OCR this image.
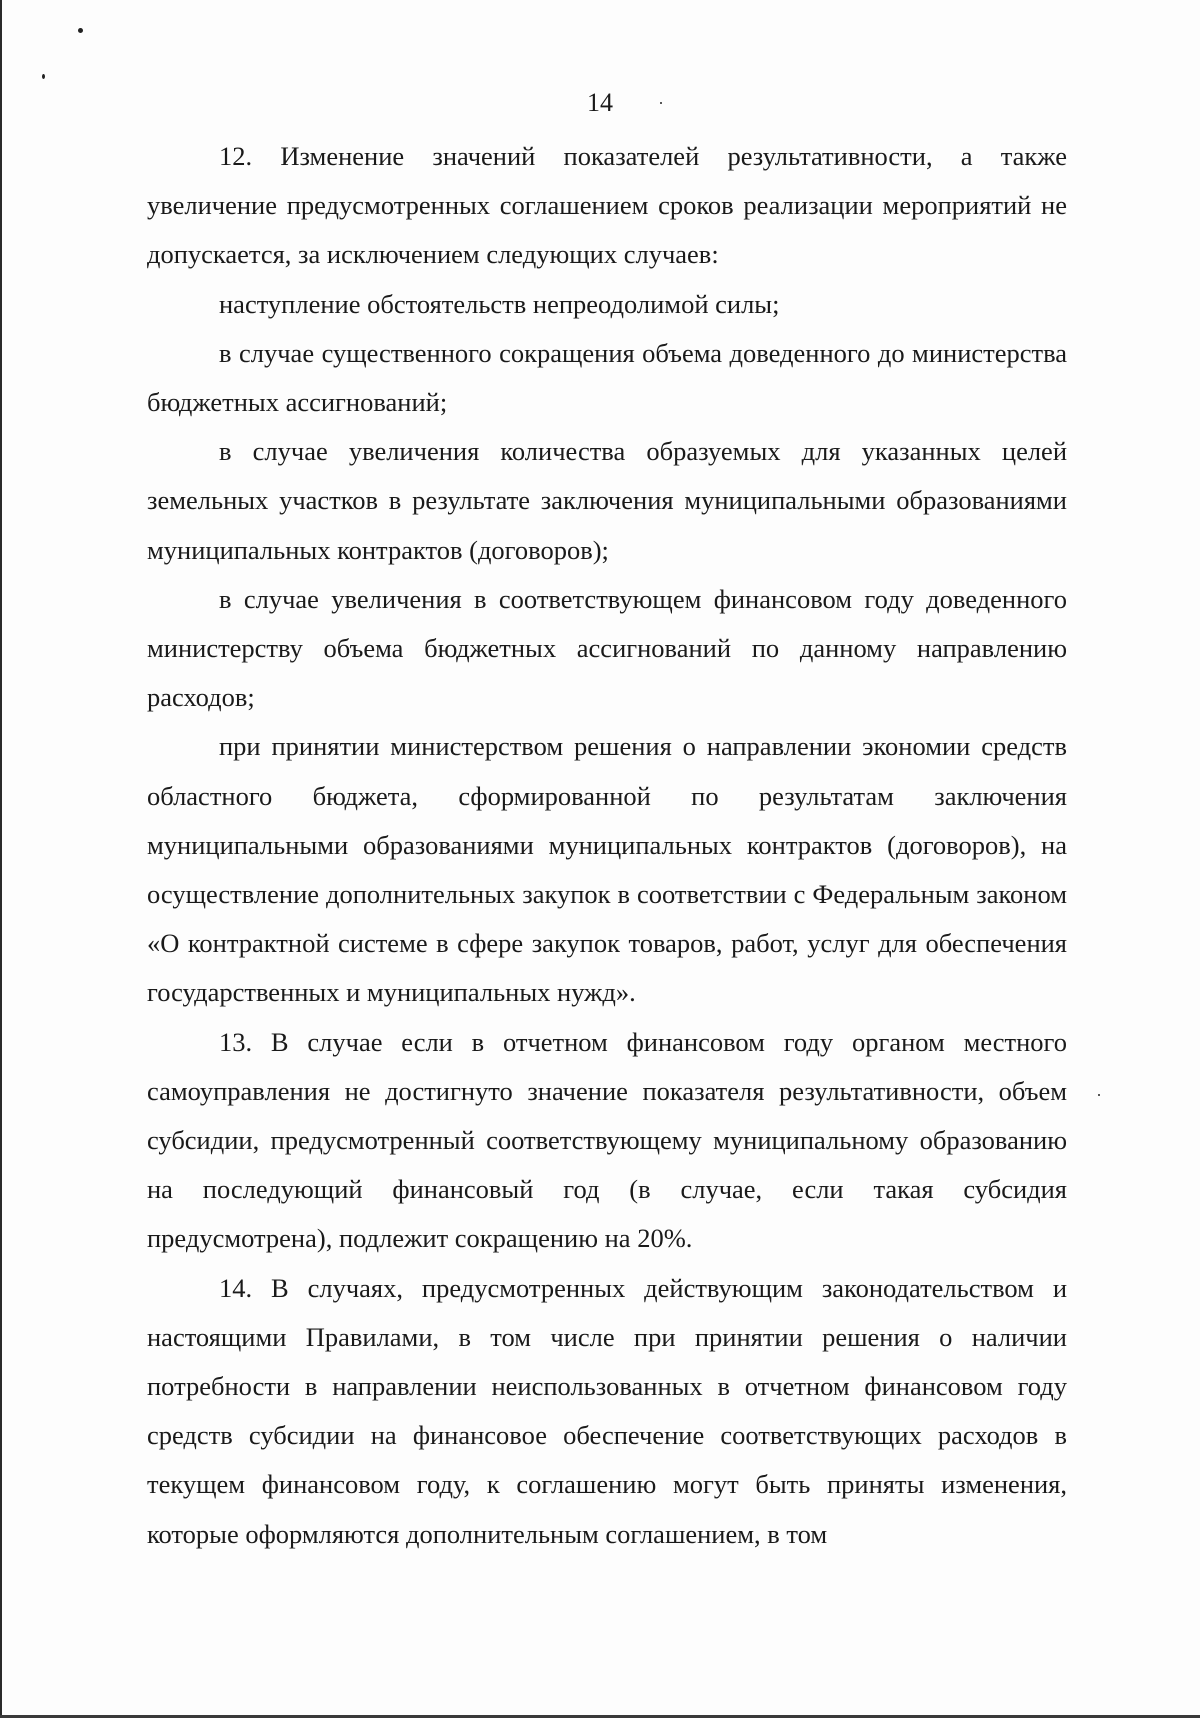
14

12. Изменение значений показателей результативности, а также увеличение предусмотренных соглашением сроков реализации мероприятий не допускается, за исключением следующих случаев:

наступление обстоятельств непреодолимой силы;

в случае существенного сокращения объема доведенного до министерства бюджетных ассигнований;

в случае увеличения количества образуемых для указанных целей земельных участков в результате заключения муниципальными образованиями муниципальных контрактов (договоров);

в случае увеличения в соответствующем финансовом году доведенного министерству объема бюджетных ассигнований по данному направлению расходов;

при принятии министерством решения о направлении экономии средств областного бюджета, сформированной по результатам заключения муниципальными образованиями муниципальных контрактов (договоров), на осуществление дополнительных закупок в соответствии с Федеральным законом «О контрактной системе в сфере закупок товаров, работ, услуг для обеспечения государственных и муниципальных нужд».

13. В случае если в отчетном финансовом году органом местного самоуправления не достигнуто значение показателя результативности, объем субсидии, предусмотренный соответствующему муниципальному образованию на последующий финансовый год (в случае, если такая субсидия предусмотрена), подлежит сокращению на 20%.

14. В случаях, предусмотренных действующим законодательством и настоящими Правилами, в том числе при принятии решения о наличии потребности в направлении неиспользованных в отчетном финансовом году средств субсидии на финансовое обеспечение соответствующих расходов в текущем финансовом году, к соглашению могут быть приняты изменения, которые оформляются дополнительным соглашением, в том
